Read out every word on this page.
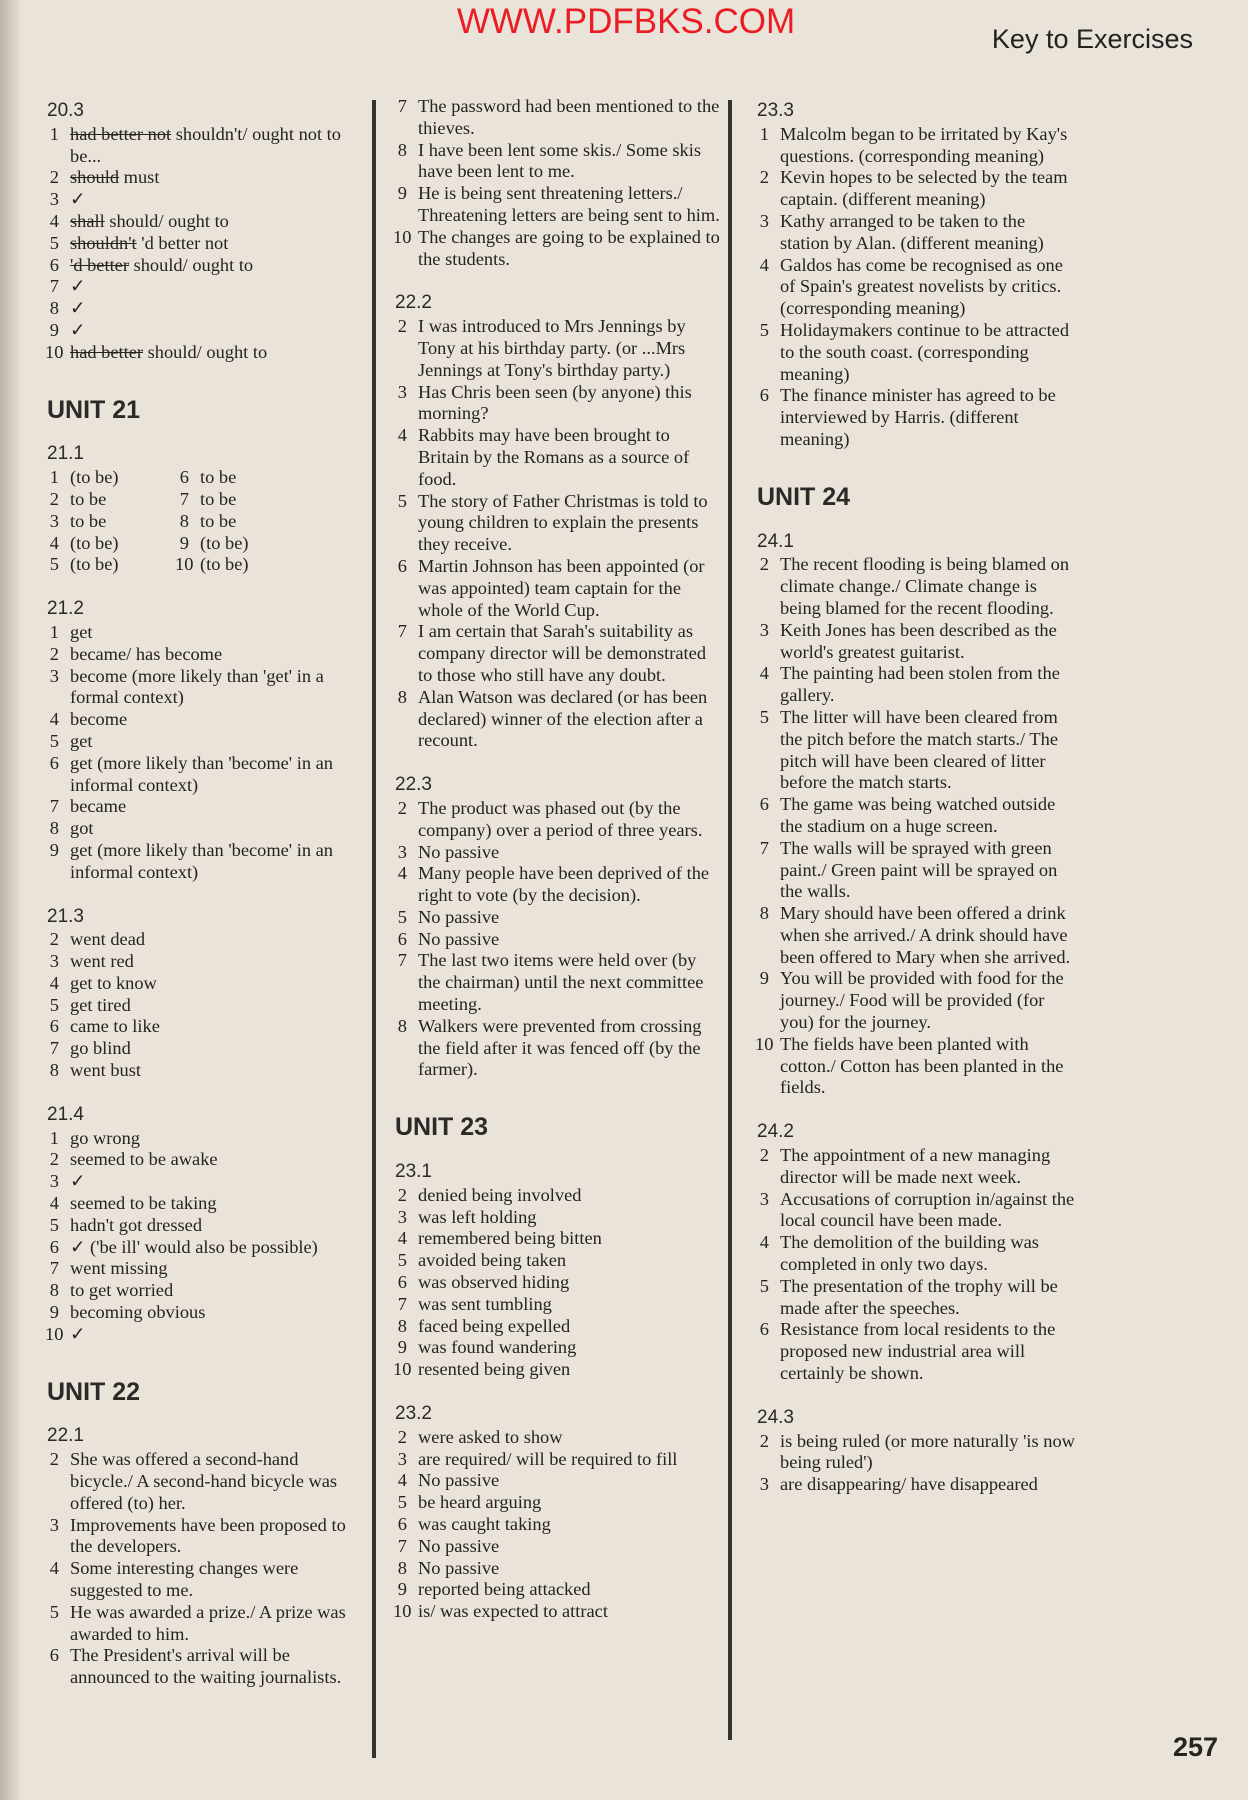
WWW.PDFBKS.COM	Key to Exercises
257
20.3
1 had better not shouldn't/ ought not to be...
2 should must
3 ✓
4 shall should/ ought to
5 shouldn't 'd better not
6 'd better should/ ought to
7 ✓
8 ✓
9 ✓
10 had better should/ ought to
UNIT 21
21.1
1 (to be)	6 to be
2 to be	7 to be
3 to be	8 to be
4 (to be)	9 (to be)
5 (to be)	10 (to be)
21.2
1 get
2 became/ has become
3 become (more likely than 'get' in a formal context)
4 become
5 get
6 get (more likely than 'become' in an informal context)
7 became
8 got
9 get (more likely than 'become' in an informal context)
21.3
2 went dead
3 went red
4 get to know
5 get tired
6 came to like
7 go blind
8 went bust
21.4
1 go wrong
2 seemed to be awake
3 ✓
4 seemed to be taking
5 hadn't got dressed
6 ✓ ('be ill' would also be possible)
7 went missing
8 to get worried
9 becoming obvious
10 ✓
UNIT 22
22.1
2 She was offered a second-hand bicycle./ A second-hand bicycle was offered (to) her.
3 Improvements have been proposed to the developers.
4 Some interesting changes were suggested to me.
5 He was awarded a prize./ A prize was awarded to him.
6 The President's arrival will be announced to the waiting journalists.
7 The password had been mentioned to the thieves.
8 I have been lent some skis./ Some skis have been lent to me.
9 He is being sent threatening letters./ Threatening letters are being sent to him.
10 The changes are going to be explained to the students.
22.2
2 I was introduced to Mrs Jennings by Tony at his birthday party. (or ...Mrs Jennings at Tony's birthday party.)
3 Has Chris been seen (by anyone) this morning?
4 Rabbits may have been brought to Britain by the Romans as a source of food.
5 The story of Father Christmas is told to young children to explain the presents they receive.
6 Martin Johnson has been appointed (or was appointed) team captain for the whole of the World Cup.
7 I am certain that Sarah's suitability as company director will be demonstrated to those who still have any doubt.
8 Alan Watson was declared (or has been declared) winner of the election after a recount.
22.3
2 The product was phased out (by the company) over a period of three years.
3 No passive
4 Many people have been deprived of the right to vote (by the decision).
5 No passive
6 No passive
7 The last two items were held over (by the chairman) until the next committee meeting.
8 Walkers were prevented from crossing the field after it was fenced off (by the farmer).
UNIT 23
23.1
2 denied being involved
3 was left holding
4 remembered being bitten
5 avoided being taken
6 was observed hiding
7 was sent tumbling
8 faced being expelled
9 was found wandering
10 resented being given
23.2
2 were asked to show
3 are required/ will be required to fill
4 No passive
5 be heard arguing
6 was caught taking
7 No passive
8 No passive
9 reported being attacked
10 is/ was expected to attract
23.3
1 Malcolm began to be irritated by Kay's questions. (corresponding meaning)
2 Kevin hopes to be selected by the team captain. (different meaning)
3 Kathy arranged to be taken to the station by Alan. (different meaning)
4 Galdos has come be recognised as one of Spain's greatest novelists by critics. (corresponding meaning)
5 Holidaymakers continue to be attracted to the south coast. (corresponding meaning)
6 The finance minister has agreed to be interviewed by Harris. (different meaning)
UNIT 24
24.1
2 The recent flooding is being blamed on climate change./ Climate change is being blamed for the recent flooding.
3 Keith Jones has been described as the world's greatest guitarist.
4 The painting had been stolen from the gallery.
5 The litter will have been cleared from the pitch before the match starts./ The pitch will have been cleared of litter before the match starts.
6 The game was being watched outside the stadium on a huge screen.
7 The walls will be sprayed with green paint./ Green paint will be sprayed on the walls.
8 Mary should have been offered a drink when she arrived./ A drink should have been offered to Mary when she arrived.
9 You will be provided with food for the journey./ Food will be provided (for you) for the journey.
10 The fields have been planted with cotton./ Cotton has been planted in the fields.
24.2
2 The appointment of a new managing director will be made next week.
3 Accusations of corruption in/against the local council have been made.
4 The demolition of the building was completed in only two days.
5 The presentation of the trophy will be made after the speeches.
6 Resistance from local residents to the proposed new industrial area will certainly be shown.
24.3
2 is being ruled (or more naturally 'is now being ruled')
3 are disappearing/ have disappeared
